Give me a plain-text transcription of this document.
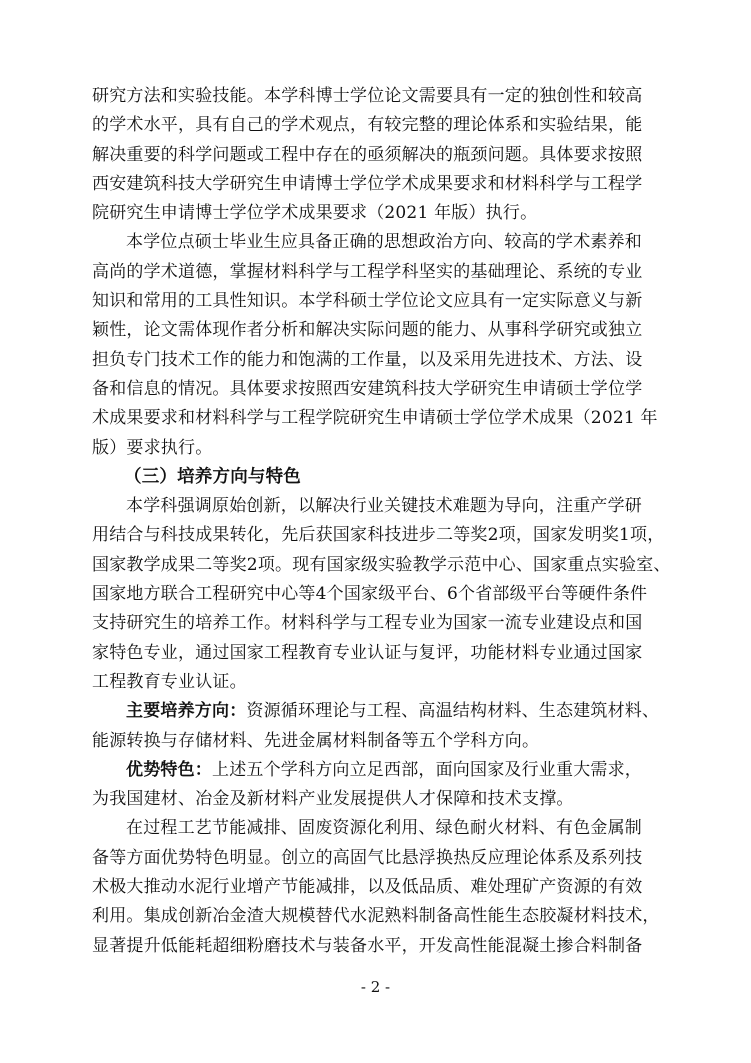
研究方法和实验技能。本学科博士学位论文需要具有一定的独创性和较高
的学术水平，具有自己的学术观点，有较完整的理论体系和实验结果，能
解决重要的科学问题或工程中存在的亟须解决的瓶颈问题。具体要求按照
西安建筑科技大学研究生申请博士学位学术成果要求和材料科学与工程学
院研究生申请博士学位学术成果要求（2021 年版）执行。
本学位点硕士毕业生应具备正确的思想政治方向、较高的学术素养和
高尚的学术道德，掌握材料科学与工程学科坚实的基础理论、系统的专业
知识和常用的工具性知识。本学科硕士学位论文应具有一定实际意义与新
颖性，论文需体现作者分析和解决实际问题的能力、从事科学研究或独立
担负专门技术工作的能力和饱满的工作量，以及采用先进技术、方法、设
备和信息的情况。具体要求按照西安建筑科技大学研究生申请硕士学位学
术成果要求和材料科学与工程学院研究生申请硕士学位学术成果（2021 年
版）要求执行。
（三）培养方向与特色
本学科强调原始创新，以解决行业关键技术难题为导向，注重产学研
用结合与科技成果转化，先后获国家科技进步二等奖2项，国家发明奖1项，
国家教学成果二等奖2项。现有国家级实验教学示范中心、国家重点实验室、
国家地方联合工程研究中心等4个国家级平台、6个省部级平台等硬件条件
支持研究生的培养工作。材料科学与工程专业为国家一流专业建设点和国
家特色专业，通过国家工程教育专业认证与复评，功能材料专业通过国家
工程教育专业认证。
主要培养方向：资源循环理论与工程、高温结构材料、生态建筑材料、
能源转换与存储材料、先进金属材料制备等五个学科方向。
优势特色：上述五个学科方向立足西部，面向国家及行业重大需求，
为我国建材、冶金及新材料产业发展提供人才保障和技术支撑。
在过程工艺节能减排、固废资源化利用、绿色耐火材料、有色金属制
备等方面优势特色明显。创立的高固气比悬浮换热反应理论体系及系列技
术极大推动水泥行业增产节能减排，以及低品质、难处理矿产资源的有效
利用。集成创新冶金渣大规模替代水泥熟料制备高性能生态胶凝材料技术，
显著提升低能耗超细粉磨技术与装备水平，开发高性能混凝土掺合料制备
- 2 -
